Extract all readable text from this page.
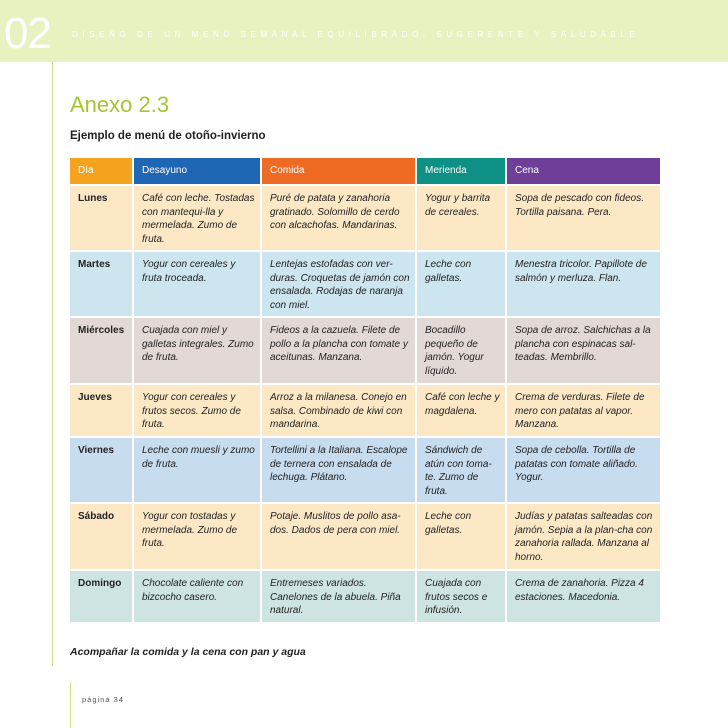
02	DISEÑO DE UN MENÚ SEMANAL EQUILIBRADO, SUGERENTE Y SALUDABLE
Anexo 2.3
Ejemplo de menú de otoño-invierno
Día	Desayuno	Comida	Merienda	Cena
Lunes	Café con leche. Tostadas con mantequi-lla y mermelada. Zumo de fruta.	Puré de patata y zanahoria gratinado. Solomillo de cerdo con alcachofas. Mandarinas.	Yogur y barrita de cereales.	Sopa de pescado con fideos. Tortilla paisana. Pera.
Martes	Yogur con cereales y fruta troceada.	Lentejas estofadas con ver-duras. Croquetas de jamón con ensalada. Rodajas de naranja con miel.	Leche con galletas.	Menestra tricolor. Papillote de salmón y merluza. Flan.
Miércoles	Cuajada con miel y galletas integrales. Zumo de fruta.	Fideos a la cazuela. Filete de pollo a la plancha con tomate y aceitunas. Manzana.	Bocadillo pequeño de jamón. Yogur líquido.	Sopa de arroz. Salchichas a la plancha con espinacas sal-teadas. Membrillo.
Jueves	Yogur con cereales y frutos secos. Zumo de fruta.	Arroz a la milanesa. Conejo en salsa. Combinado de kiwi con mandarina.	Café con leche y magdalena.	Crema de verduras. Filete de mero con patatas al vapor. Manzana.
Viernes	Leche con muesli y zumo de fruta.	Tortellini a la Italiana. Escalope de ternera con ensalada de lechuga. Plátano.	Sándwich de atún con toma-te. Zumo de fruta.	Sopa de cebolla. Tortilla de patatas con tomate aliñado. Yogur.
Sábado	Yogur con tostadas y mermelada. Zumo de fruta.	Potaje. Muslitos de pollo asa-dos. Dados de pera con miel.	Leche con galletas.	Judías y patatas salteadas con jamón. Sepia a la plan-cha con zanahoria rallada. Manzana al horno.
Domingo	Chocolate caliente con bizcocho casero.	Entremeses variados. Canelones de la abuela. Piña natural.	Cuajada con frutos secos e infusión.	Crema de zanahoria. Pizza 4 estaciones. Macedonia.
Acompañar la comida y la cena con pan y agua
página 34
